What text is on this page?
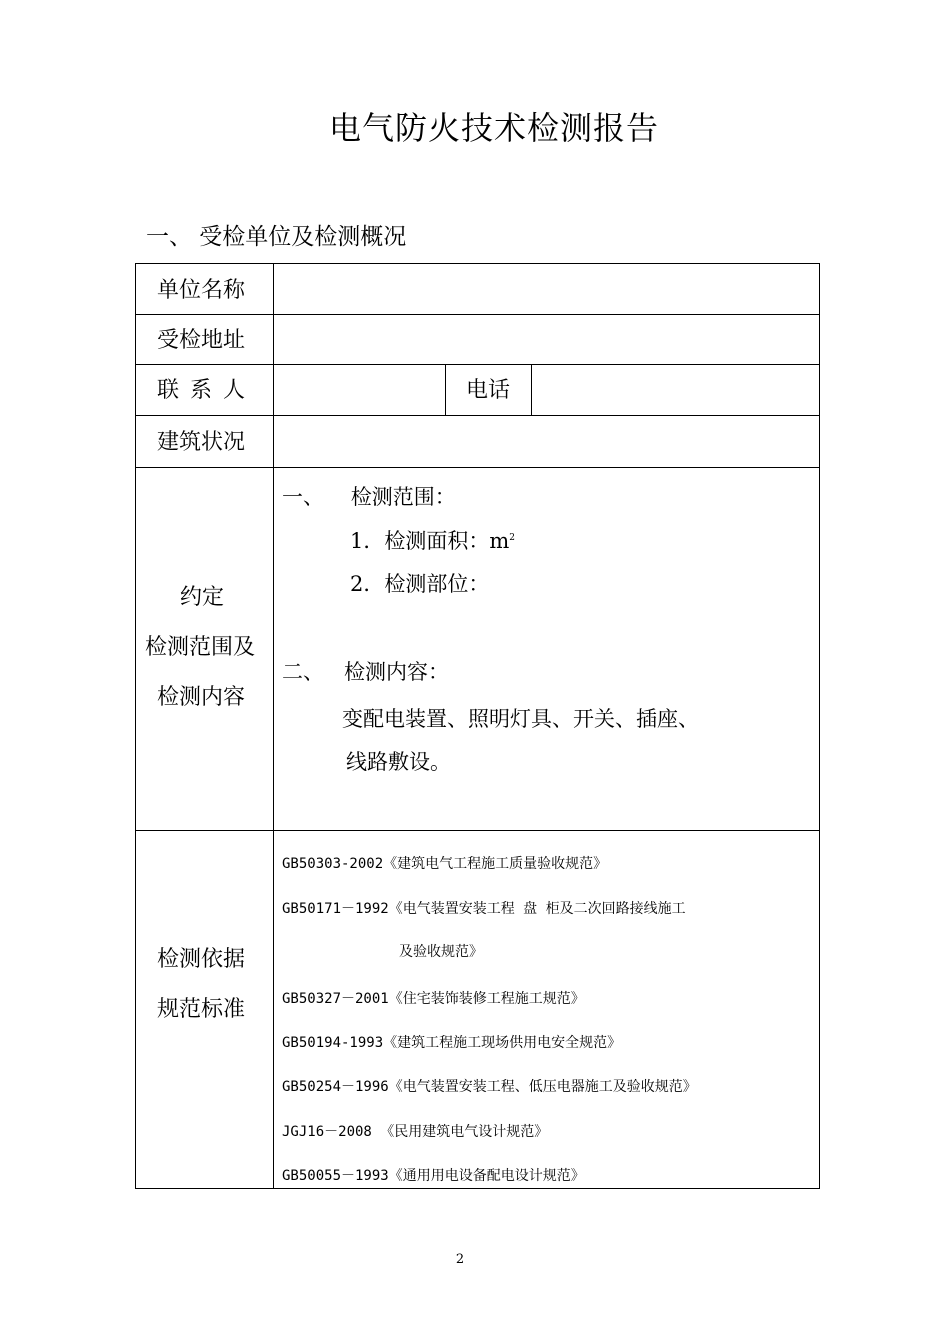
电气防火技术检测报告
一、 受检单位及检测概况
单位名称
受检地址
联 系 人	电话
建筑状况
约定
检测范围及
检测内容
一、    检测范围：
1．检测面积：$m^2$
2．检测部位：
二、   检测内容：
变配电装置、照明灯具、开关、插座、
线路敷设。
检测依据
规范标准
GB50303-2002《建筑电气工程施工质量验收规范》
GB50171－1992《电气装置安装工程 盘 柜及二次回路接线施工
及验收规范》
GB50327－2001《住宅装饰装修工程施工规范》
GB50194-1993《建筑工程施工现场供用电安全规范》
GB50254－1996《电气装置安装工程、低压电器施工及验收规范》
JGJ16－2008 《民用建筑电气设计规范》
GB50055－1993《通用用电设备配电设计规范》
2
